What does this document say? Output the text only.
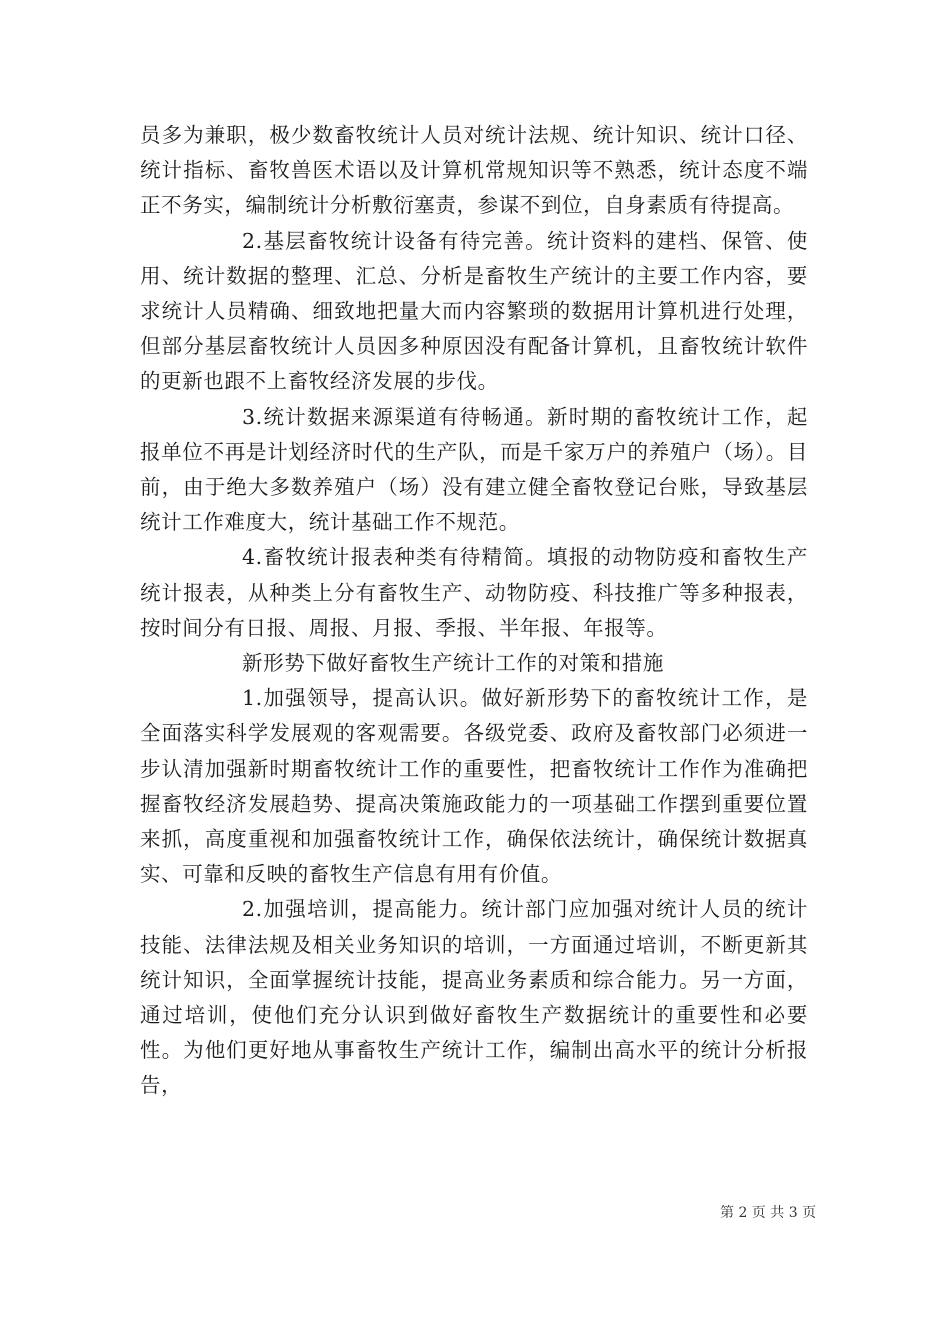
员多为兼职，极少数畜牧统计人员对统计法规、统计知识、统计口径、统计指标、畜牧兽医术语以及计算机常规知识等不熟悉，统计态度不端正不务实，编制统计分析敷衍塞责，参谋不到位，自身素质有待提高。

2.基层畜牧统计设备有待完善。统计资料的建档、保管、使用、统计数据的整理、汇总、分析是畜牧生产统计的主要工作内容，要求统计人员精确、细致地把量大而内容繁琐的数据用计算机进行处理，但部分基层畜牧统计人员因多种原因没有配备计算机，且畜牧统计软件的更新也跟不上畜牧经济发展的步伐。

3.统计数据来源渠道有待畅通。新时期的畜牧统计工作，起报单位不再是计划经济时代的生产队，而是千家万户的养殖户（场）。目前，由于绝大多数养殖户（场）没有建立健全畜牧登记台账，导致基层统计工作难度大，统计基础工作不规范。

4.畜牧统计报表种类有待精简。填报的动物防疫和畜牧生产统计报表，从种类上分有畜牧生产、动物防疫、科技推广等多种报表，按时间分有日报、周报、月报、季报、半年报、年报等。

新形势下做好畜牧生产统计工作的对策和措施

1.加强领导，提高认识。做好新形势下的畜牧统计工作，是全面落实科学发展观的客观需要。各级党委、政府及畜牧部门必须进一步认清加强新时期畜牧统计工作的重要性，把畜牧统计工作作为准确把握畜牧经济发展趋势、提高决策施政能力的一项基础工作摆到重要位置来抓，高度重视和加强畜牧统计工作，确保依法统计，确保统计数据真实、可靠和反映的畜牧生产信息有用有价值。

2.加强培训，提高能力。统计部门应加强对统计人员的统计技能、法律法规及相关业务知识的培训，一方面通过培训，不断更新其统计知识，全面掌握统计技能，提高业务素质和综合能力。另一方面，通过培训，使他们充分认识到做好畜牧生产数据统计的重要性和必要性。为他们更好地从事畜牧生产统计工作，编制出高水平的统计分析报告，

第 2 页 共 3 页
